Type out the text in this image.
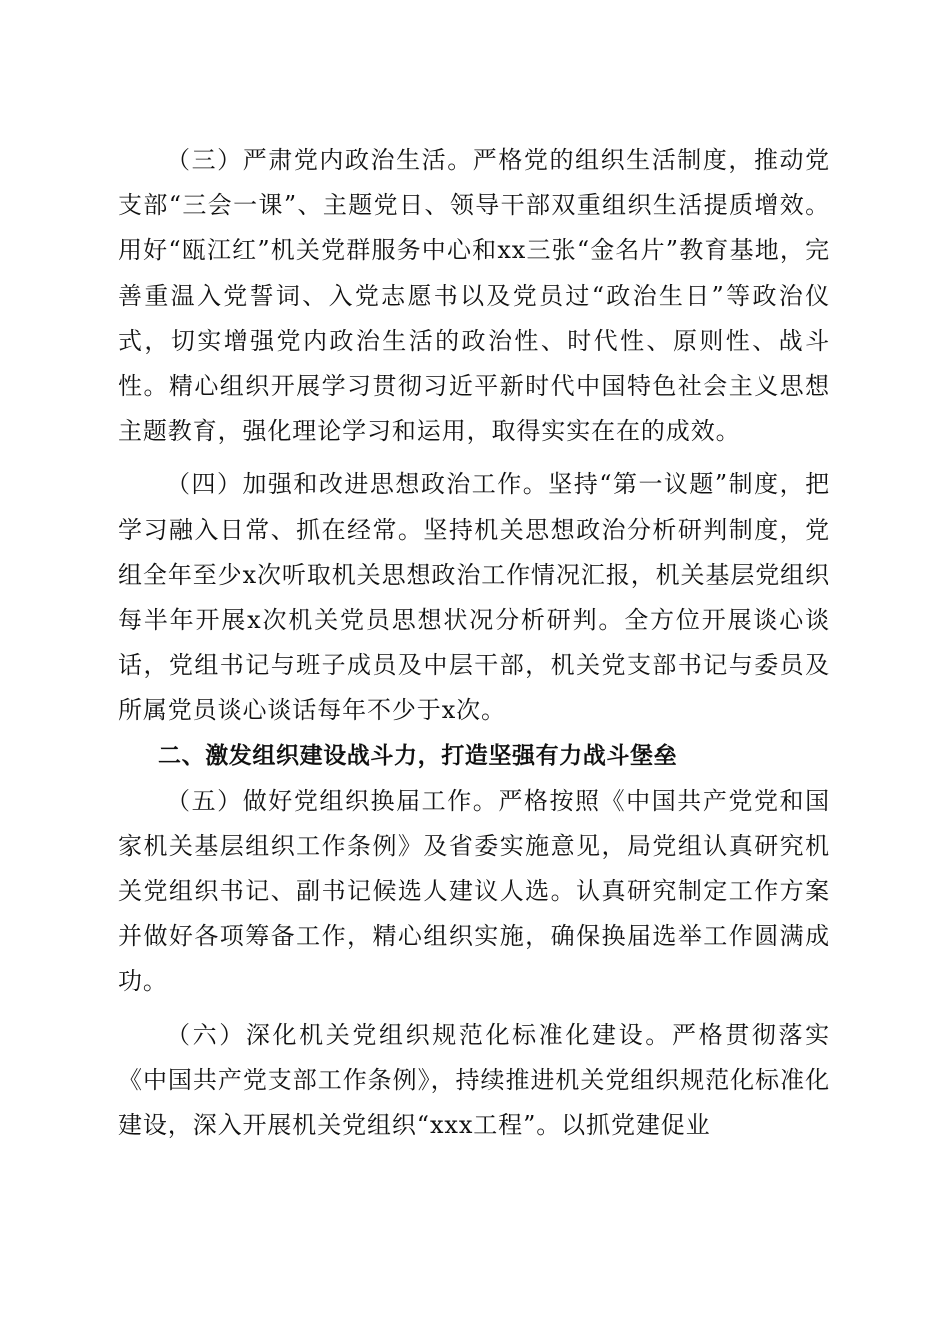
（三）严肃党内政治生活。严格党的组织生活制度，推动党支部“三会一课”、主题党日、领导干部双重组织生活提质增效。用好“瓯江红”机关党群服务中心和xx三张“金名片”教育基地，完善重温入党誓词、入党志愿书以及党员过“政治生日”等政治仪式，切实增强党内政治生活的政治性、时代性、原则性、战斗性。精心组织开展学习贯彻习近平新时代中国特色社会主义思想主题教育，强化理论学习和运用，取得实实在在的成效。

（四）加强和改进思想政治工作。坚持“第一议题”制度，把学习融入日常、抓在经常。坚持机关思想政治分析研判制度，党组全年至少x次听取机关思想政治工作情况汇报，机关基层党组织每半年开展x次机关党员思想状况分析研判。全方位开展谈心谈话，党组书记与班子成员及中层干部，机关党支部书记与委员及所属党员谈心谈话每年不少于x次。

二、激发组织建设战斗力，打造坚强有力战斗堡垒

（五）做好党组织换届工作。严格按照《中国共产党党和国家机关基层组织工作条例》及省委实施意见，局党组认真研究机关党组织书记、副书记候选人建议人选。认真研究制定工作方案并做好各项筹备工作，精心组织实施，确保换届选举工作圆满成功。

（六）深化机关党组织规范化标准化建设。严格贯彻落实《中国共产党支部工作条例》，持续推进机关党组织规范化标准化建设，深入开展机关党组织“xxx工程”。以抓党建促业
